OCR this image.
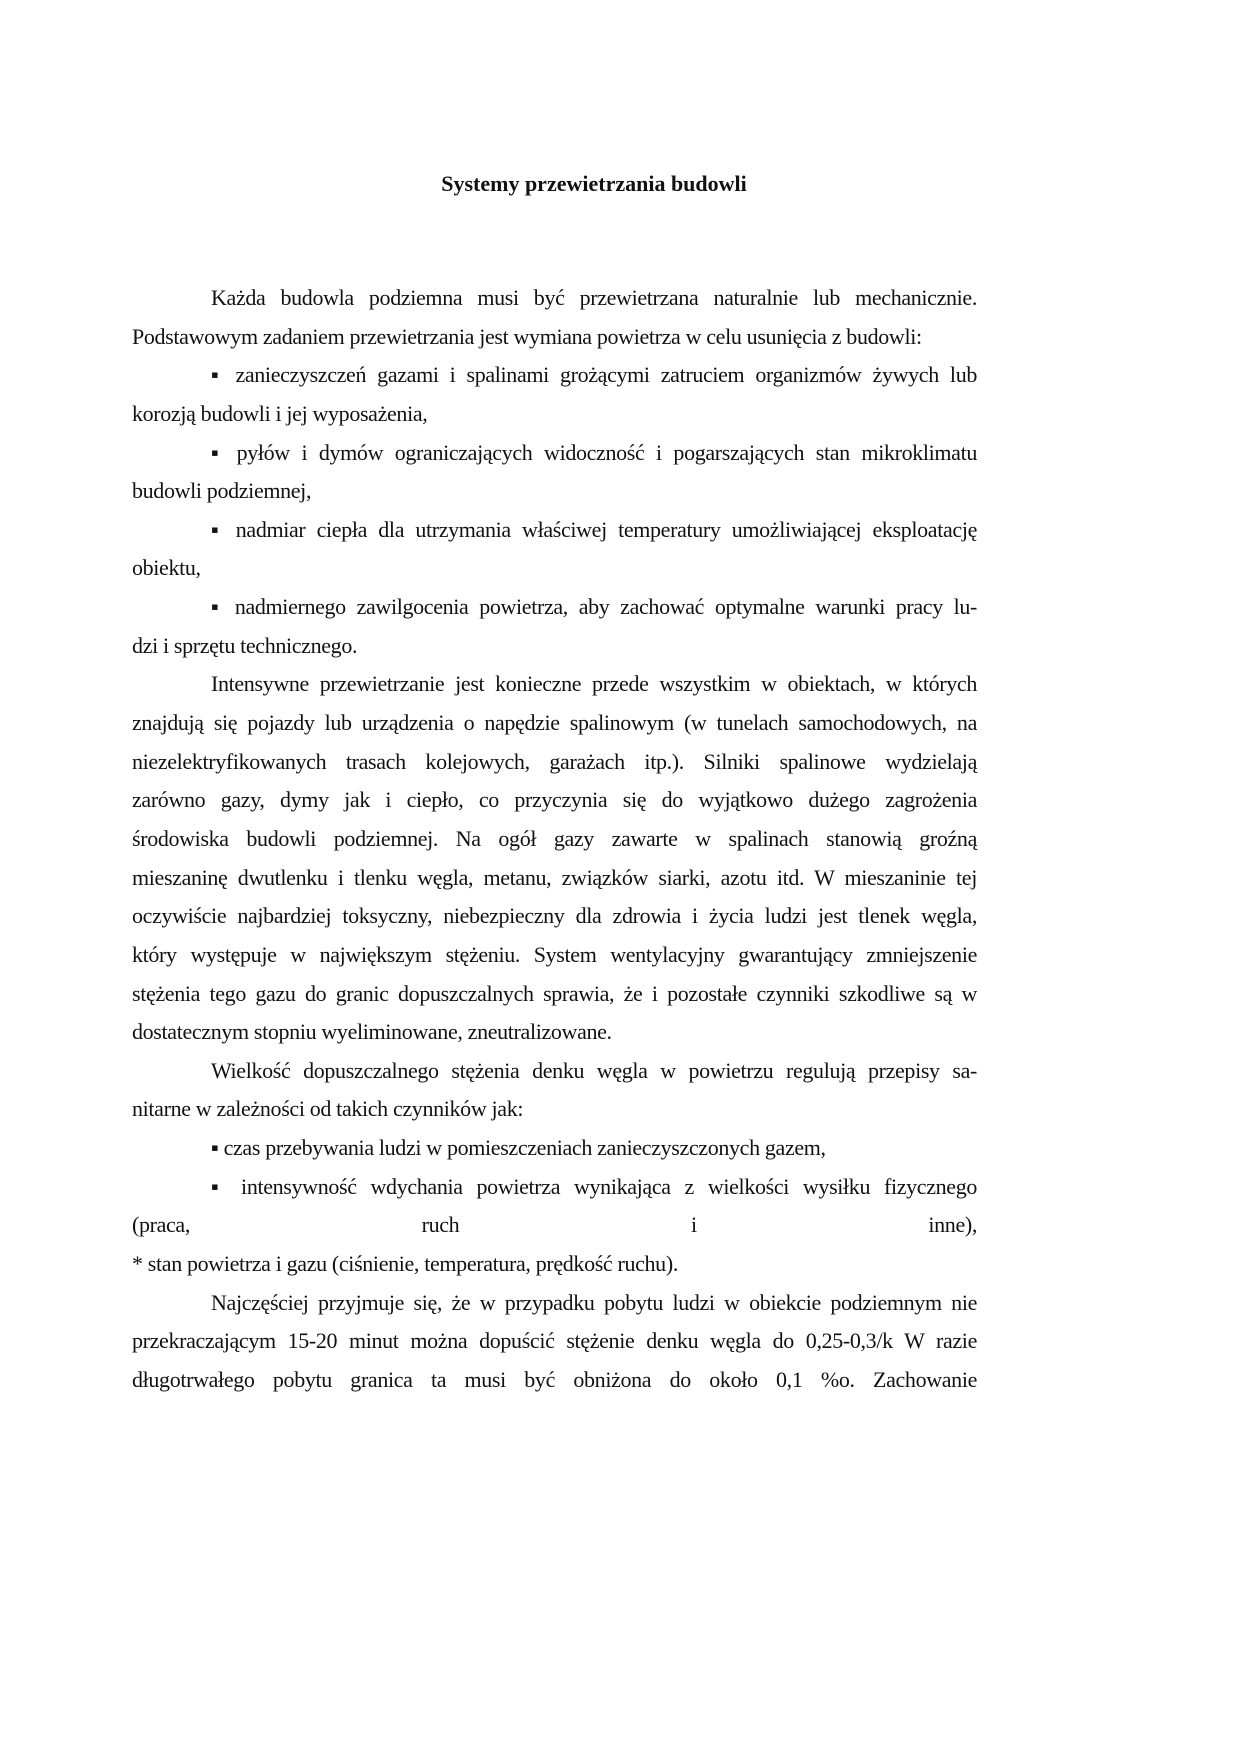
Systemy przewietrzania budowli
Każda budowla podziemna musi być przewietrzana naturalnie lub mechanicznie.
Podstawowym zadaniem przewietrzania jest wymiana powietrza w celu usunięcia z budowli:
▪ zanieczyszczeń gazami i spalinami grożącymi zatruciem organizmów żywych lub
korozją budowli i jej wyposażenia,
▪ pyłów i dymów ograniczających widoczność i pogarszających stan mikroklimatu
budowli podziemnej,
▪ nadmiar ciepła dla utrzymania właściwej temperatury umożliwiającej eksploatację
obiektu,
▪ nadmiernego zawilgocenia powietrza, aby zachować optymalne warunki pracy lu-
dzi i sprzętu technicznego.
Intensywne przewietrzanie jest konieczne przede wszystkim w obiektach, w których
znajdują się pojazdy lub urządzenia o napędzie spalinowym (w tunelach samochodowych, na
niezelektryfikowanych trasach kolejowych, garażach itp.). Silniki spalinowe wydzielają
zarówno gazy, dymy jak i ciepło, co przyczynia się do wyjątkowo dużego zagrożenia
środowiska budowli podziemnej. Na ogół gazy zawarte w spalinach stanowią groźną
mieszaninę dwutlenku i tlenku węgla, metanu, związków siarki, azotu itd. W mieszaninie tej
oczywiście najbardziej toksyczny, niebezpieczny dla zdrowia i życia ludzi jest tlenek węgla,
który występuje w największym stężeniu. System wentylacyjny gwarantujący zmniejszenie
stężenia tego gazu do granic dopuszczalnych sprawia, że i pozostałe czynniki szkodliwe są w
dostatecznym stopniu wyeliminowane, zneutralizowane.
Wielkość dopuszczalnego stężenia denku węgla w powietrzu regulują przepisy sa-
nitarne w zależności od takich czynników jak:
▪ czas przebywania ludzi w pomieszczeniach zanieczyszczonych gazem,
▪ intensywność wdychania powietrza wynikająca z wielkości wysiłku fizycznego
(praca, ruch i inne),
* stan powietrza i gazu (ciśnienie, temperatura, prędkość ruchu).
Najczęściej przyjmuje się, że w przypadku pobytu ludzi w obiekcie podziemnym nie
przekraczającym 15-20 minut można dopuścić stężenie denku węgla do 0,25-0,3/k W razie
długotrwałego pobytu granica ta musi być obniżona do około 0,1 %o. Zachowanie
